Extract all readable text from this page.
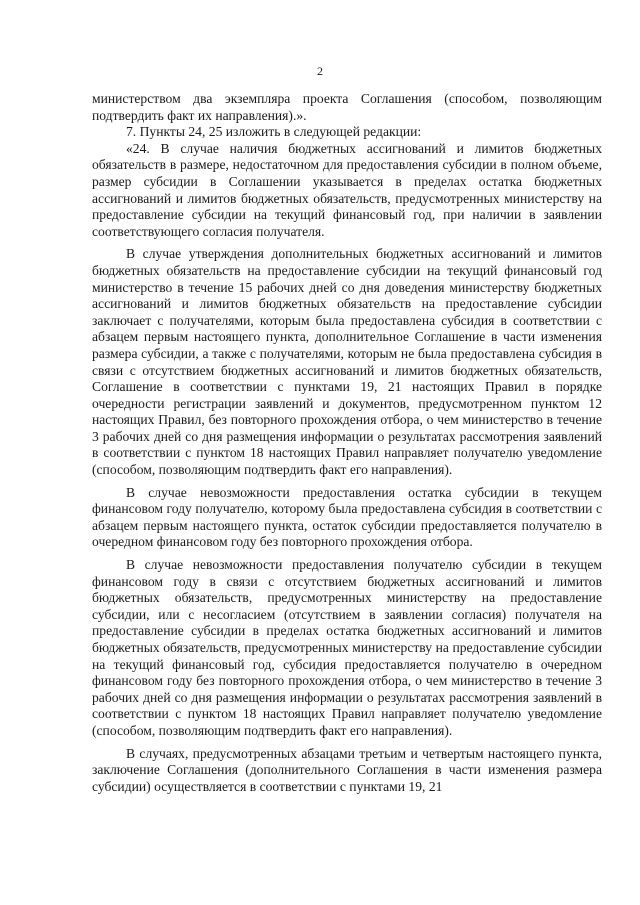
2

министерством два экземпляра проекта Соглашения (способом, позволяющим подтвердить факт их направления).».

7. Пункты 24, 25 изложить в следующей редакции:

«24. В случае наличия бюджетных ассигнований и лимитов бюджетных обязательств в размере, недостаточном для предоставления субсидии в полном объеме, размер субсидии в Соглашении указывается в пределах остатка бюджетных ассигнований и лимитов бюджетных обязательств, предусмотренных министерству на предоставление субсидии на текущий финансовый год, при наличии в заявлении соответствующего согласия получателя.

В случае утверждения дополнительных бюджетных ассигнований и лимитов бюджетных обязательств на предоставление субсидии на текущий финансовый год министерство в течение 15 рабочих дней со дня доведения министерству бюджетных ассигнований и лимитов бюджетных обязательств на предоставление субсидии заключает с получателями, которым была предоставлена субсидия в соответствии с абзацем первым настоящего пункта, дополнительное Соглашение в части изменения размера субсидии, а также с получателями, которым не была предоставлена субсидия в связи с отсутствием бюджетных ассигнований и лимитов бюджетных обязательств, Соглашение в соответствии с пунктами 19, 21 настоящих Правил в порядке очередности регистрации заявлений и документов, предусмотренном пунктом 12 настоящих Правил, без повторного прохождения отбора, о чем министерство в течение 3 рабочих дней со дня размещения информации о результатах рассмотрения заявлений в соответствии с пунктом 18 настоящих Правил направляет получателю уведомление (способом, позволяющим подтвердить факт его направления).

В случае невозможности предоставления остатка субсидии в текущем финансовом году получателю, которому была предоставлена субсидия в соответствии с абзацем первым настоящего пункта, остаток субсидии предоставляется получателю в очередном финансовом году без повторного прохождения отбора.

В случае невозможности предоставления получателю субсидии в текущем финансовом году в связи с отсутствием бюджетных ассигнований и лимитов бюджетных обязательств, предусмотренных министерству на предоставление субсидии, или с несогласием (отсутствием в заявлении согласия) получателя на предоставление субсидии в пределах остатка бюджетных ассигнований и лимитов бюджетных обязательств, предусмотренных министерству на предоставление субсидии на текущий финансовый год, субсидия предоставляется получателю в очередном финансовом году без повторного прохождения отбора, о чем министерство в течение 3 рабочих дней со дня размещения информации о результатах рассмотрения заявлений в соответствии с пунктом 18 настоящих Правил направляет получателю уведомление (способом, позволяющим подтвердить факт его направления).

В случаях, предусмотренных абзацами третьим и четвертым настоящего пункта, заключение Соглашения (дополнительного Соглашения в части изменения размера субсидии) осуществляется в соответствии с пунктами 19, 21
